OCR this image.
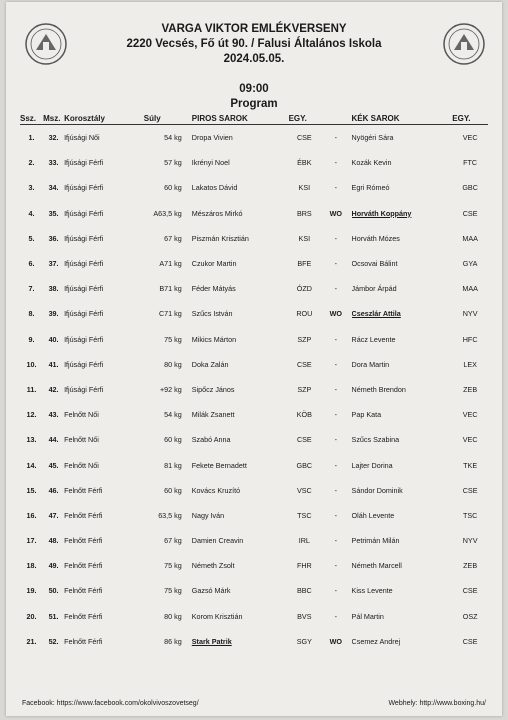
VARGA VIKTOR EMLÉKVERSENY
2220 Vecsés, Fő út 90. / Falusi Általános Iskola
2024.05.05.
09:00
Program
Ssz.	Msz.	Korosztály	Súly	PIROS SAROK	EGY.		KÉK SAROK	EGY.
1.	32.	Ifjúsági Női	54 kg	Dropa Vivien	CSE	-	Nyögéri Sára	VEC
2.	33.	Ifjúsági Férfi	57 kg	Ikrényi Noel	ÉBK	-	Kozák Kevin	FTC
3.	34.	Ifjúsági Férfi	60 kg	Lakatos Dávid	KSI	-	Egri Rómeó	GBC
4.	35.	Ifjúsági Férfi	A63,5 kg	Mészáros Mirkó	BRS	WO	Horváth Koppány	CSE
5.	36.	Ifjúsági Férfi	67 kg	Piszmán Krisztián	KSI	-	Horváth Mózes	MAA
6.	37.	Ifjúsági Férfi	A71 kg	Czukor Martin	BFE	-	Ocsovai Bálint	GYA
7.	38.	Ifjúsági Férfi	B71 kg	Féder Mátyás	ÓZD	-	Jámbor Árpád	MAA
8.	39.	Ifjúsági Férfi	C71 kg	Szűcs István	ROU	WO	Cseszlár Attila	NYV
9.	40.	Ifjúsági Férfi	75 kg	Mikics Márton	SZP	-	Rácz Levente	HFC
10.	41.	Ifjúsági Férfi	80 kg	Doka Zalán	CSE	-	Dora Martin	LEX
11.	42.	Ifjúsági Férfi	+92 kg	Sipőcz János	SZP	-	Németh Brendon	ZEB
12.	43.	Felnőtt Női	54 kg	Milák Zsanett	KÖB	-	Pap Kata	VEC
13.	44.	Felnőtt Női	60 kg	Szabó Anna	CSE	-	Szűcs Szabina	VEC
14.	45.	Felnőtt Női	81 kg	Fekete Bernadett	GBC	-	Lajter Dorina	TKE
15.	46.	Felnőtt Férfi	60 kg	Kovács Kruzító	VSC	-	Sándor Dominik	CSE
16.	47.	Felnőtt Férfi	63,5 kg	Nagy Iván	TSC	-	Oláh Levente	TSC
17.	48.	Felnőtt Férfi	67 kg	Damien Creavin	IRL	-	Petrimán Milán	NYV
18.	49.	Felnőtt Férfi	75 kg	Németh Zsolt	FHR	-	Németh Marcell	ZEB
19.	50.	Felnőtt Férfi	75 kg	Gazsó Márk	BBC	-	Kiss Levente	CSE
20.	51.	Felnőtt Férfi	80 kg	Korom Krisztián	BVS	-	Pál Martin	OSZ
21.	52.	Felnőtt Férfi	86 kg	Stark Patrik	SGY	WO	Csemez Andrej	CSE
Facebook: https://www.facebook.com/okolvivoszovetseg/	Webhely: http://www.boxing.hu/
